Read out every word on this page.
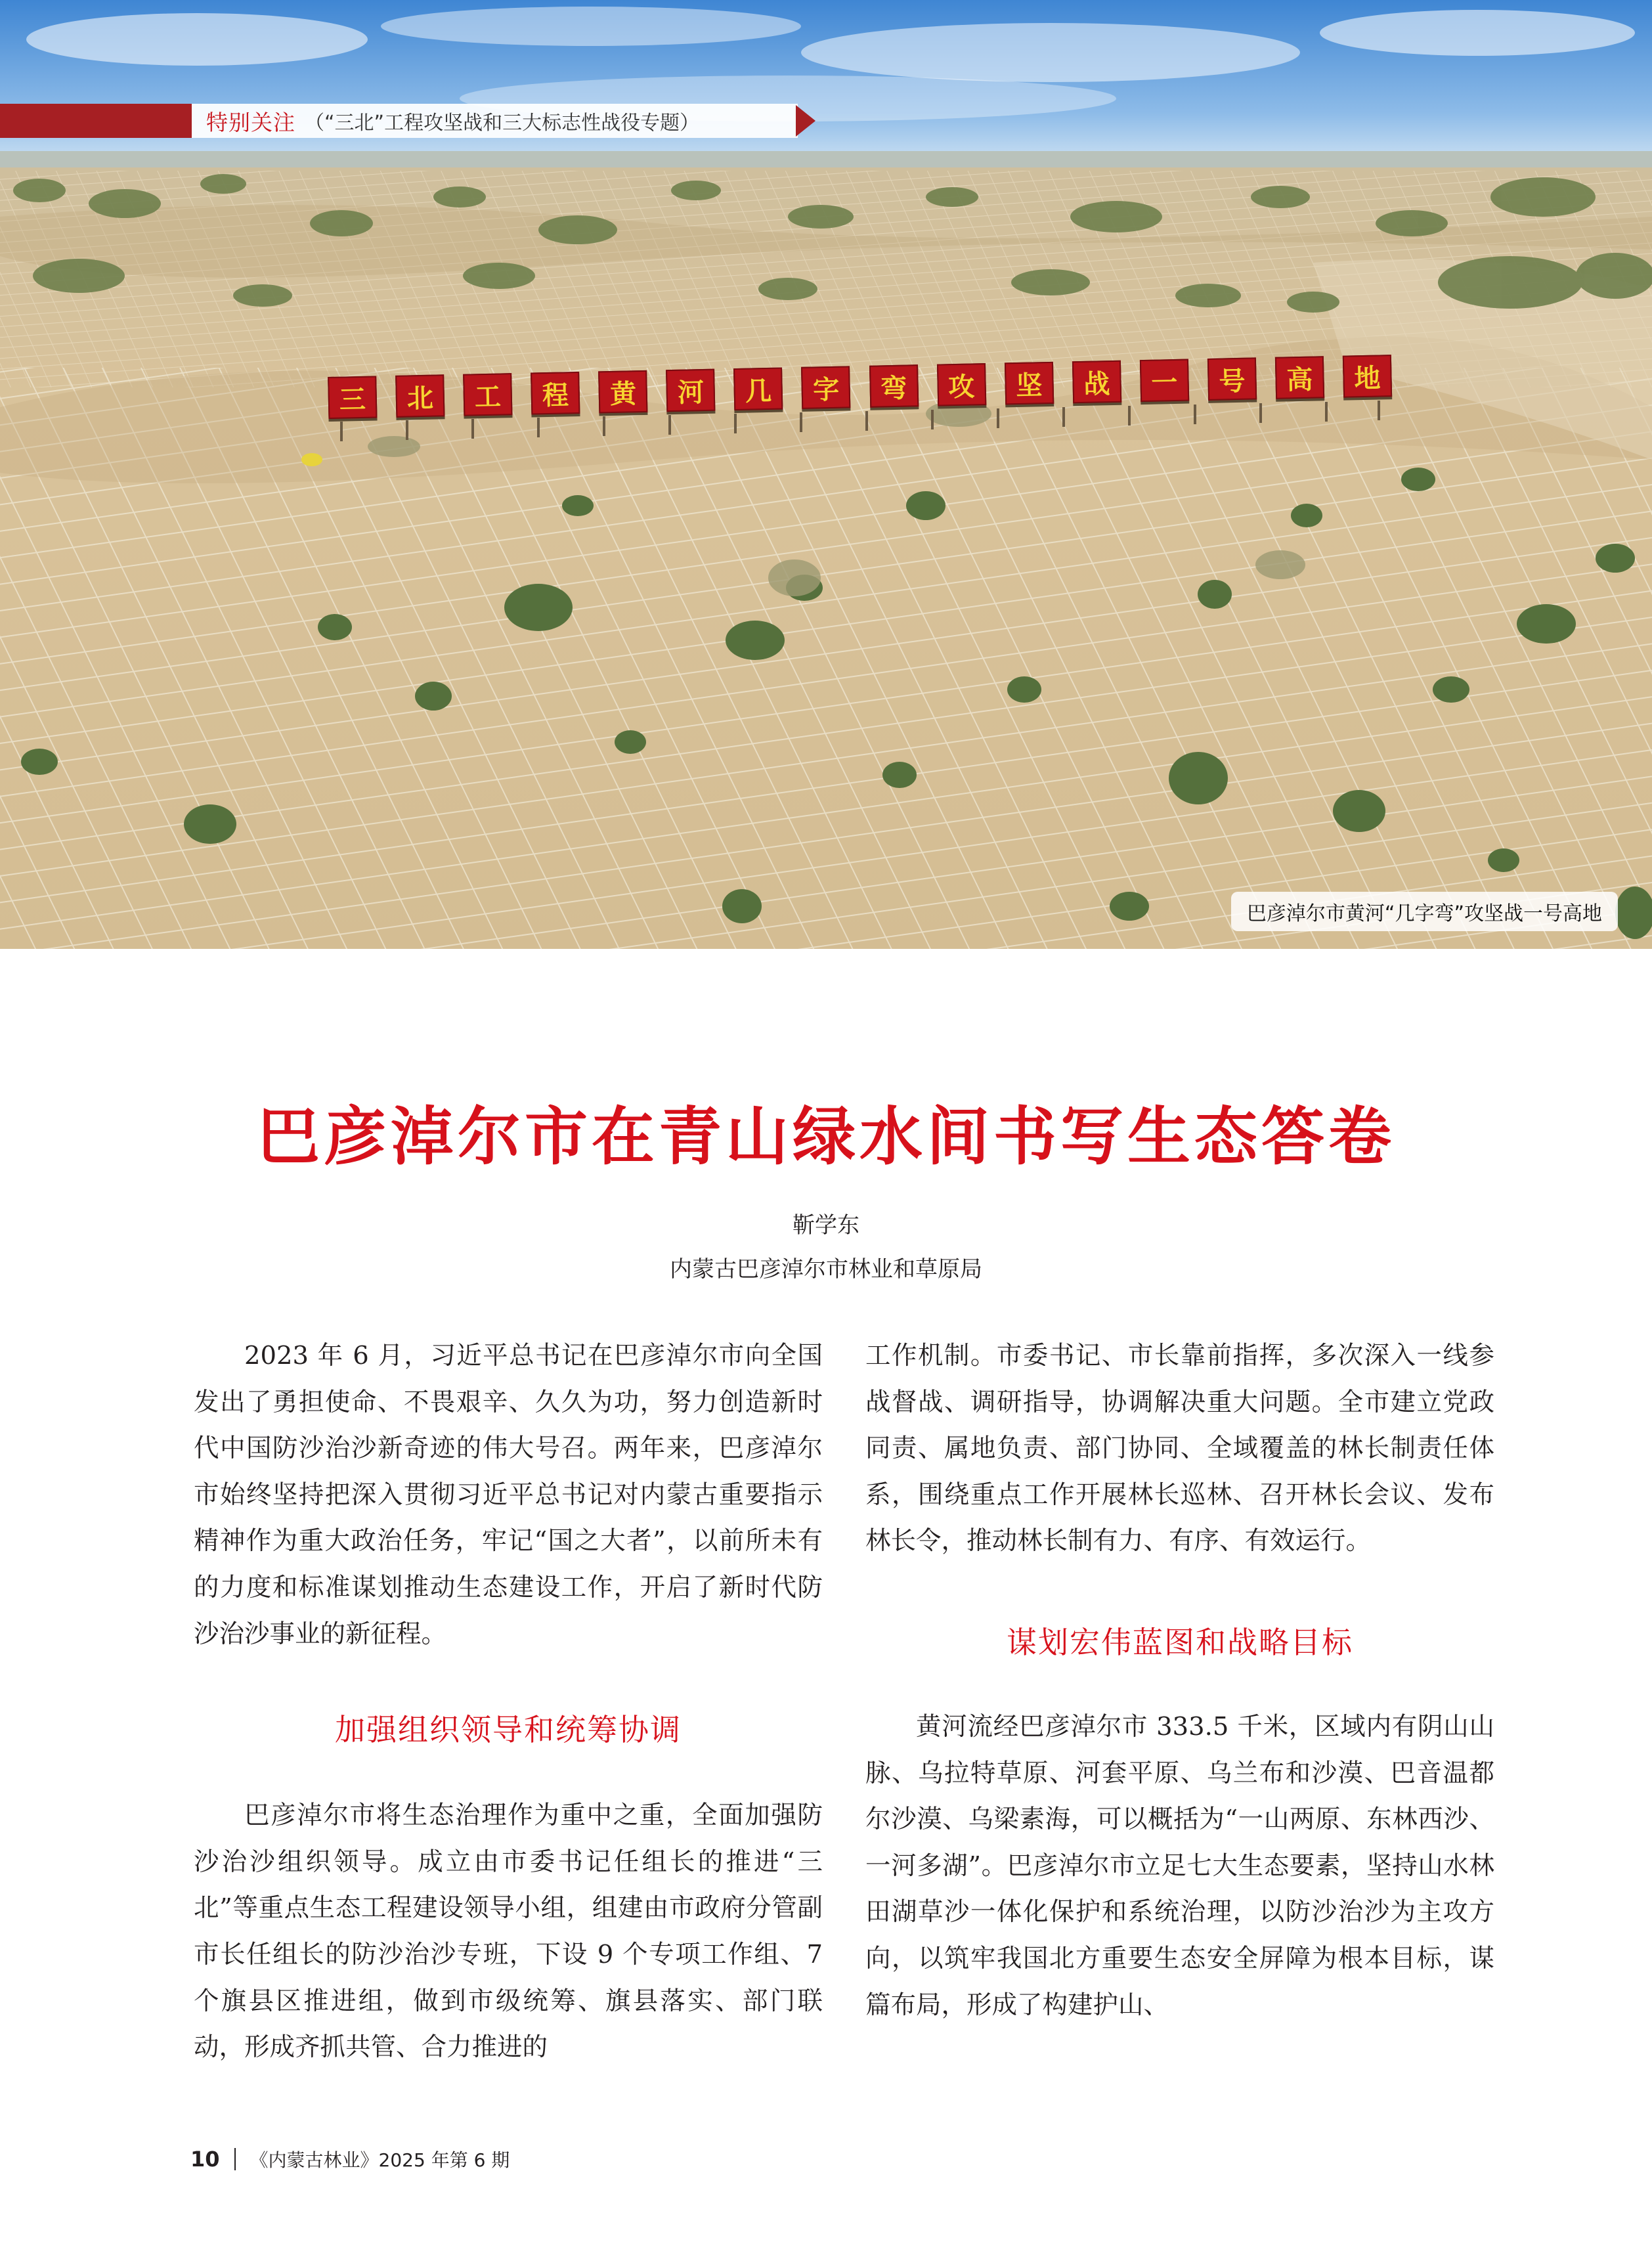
三	北	工	程	黄	河	几	字	弯	攻	坚	战	一	号	高	地
特别关注 （“三北”工程攻坚战和三大标志性战役专题）
巴彦淖尔市黄河“几字弯”攻坚战一号高地
巴彦淖尔市在青山绿水间书写生态答卷
靳学东
内蒙古巴彦淖尔市林业和草原局

2023 年 6 月，习近平总书记在巴彦淖尔市向全国发出了勇担使命、不畏艰辛、久久为功，努力创造新时代中国防沙治沙新奇迹的伟大号召。两年来，巴彦淖尔市始终坚持把深入贯彻习近平总书记对内蒙古重要指示精神作为重大政治任务，牢记“国之大者”，以前所未有的力度和标准谋划推动生态建设工作，开启了新时代防沙治沙事业的新征程。

加强组织领导和统筹协调

巴彦淖尔市将生态治理作为重中之重，全面加强防沙治沙组织领导。成立由市委书记任组长的推进“三北”等重点生态工程建设领导小组，组建由市政府分管副市长任组长的防沙治沙专班，下设 9 个专项工作组、7 个旗县区推进组，做到市级统筹、旗县落实、部门联动，形成齐抓共管、合力推进的

工作机制。市委书记、市长靠前指挥，多次深入一线参战督战、调研指导，协调解决重大问题。全市建立党政同责、属地负责、部门协同、全域覆盖的林长制责任体系，围绕重点工作开展林长巡林、召开林长会议、发布林长令，推动林长制有力、有序、有效运行。

谋划宏伟蓝图和战略目标

黄河流经巴彦淖尔市 333.5 千米，区域内有阴山山脉、乌拉特草原、河套平原、乌兰布和沙漠、巴音温都尔沙漠、乌梁素海，可以概括为“一山两原、东林西沙、一河多湖”。巴彦淖尔市立足七大生态要素，坚持山水林田湖草沙一体化保护和系统治理，以防沙治沙为主攻方向，以筑牢我国北方重要生态安全屏障为根本目标，谋篇布局，形成了构建护山、

10 《内蒙古林业》2025 年第 6 期
